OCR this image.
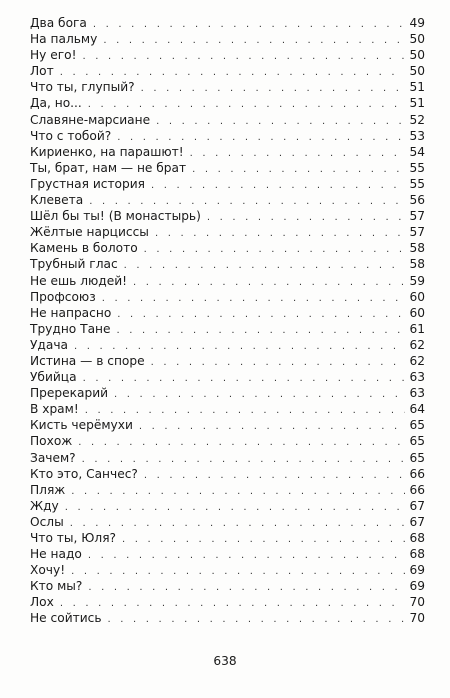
Два бога . . .	49
На пальму . . .	50
Ну его! . . .	50
Лот . . .	50
Что ты, глупый? . . .	51
Да, но... . . .	51
Славяне-марсиане . . .	52
Что с тобой? . . .	53
Кириенко, на парашют! . . .	54
Ты, брат, нам — не брат . . .	55
Грустная история . . .	55
Клевета . . .	56
Шёл бы ты! (В монастырь) . . .	57
Жёлтые нарциссы . . .	57
Камень в болото . . .	58
Трубный глас . . .	58
Не ешь людей! . . .	59
Профсоюз . . .	60
Не напрасно . . .	60
Трудно Тане . . .	61
Удача . . .	62
Истина — в споре . . .	62
Убийца . . .	63
Пререкарий . . .	63
В храм! . . .	64
Кисть черёмухи . . .	65
Похож . . .	65
Зачем? . . .	65
Кто это, Санчес? . . .	66
Пляж . . .	66
Жду . . .	67
Ослы . . .	67
Что ты, Юля? . . .	68
Не надо . . .	68
Хочу! . . .	69
Кто мы? . . .	69
Лох . . .	70
Не сойтись . . .	70
638
